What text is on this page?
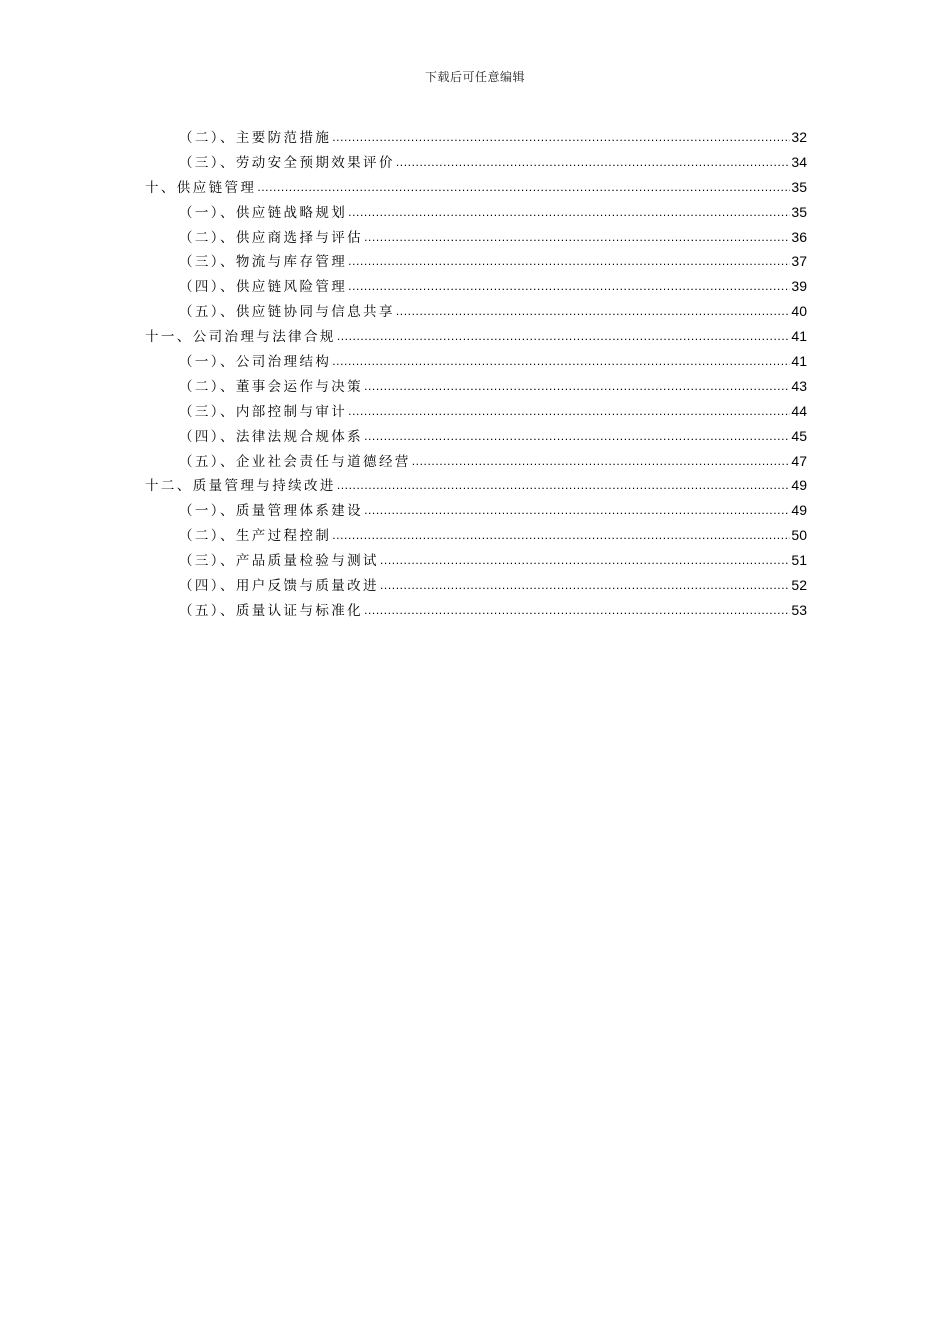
下载后可任意编辑
（二）、主要防范措施 .....	32
（三）、劳动安全预期效果评价 .....	34
十、供应链管理 .....	35
（一）、供应链战略规划 .....	35
（二）、供应商选择与评估 .....	36
（三）、物流与库存管理 .....	37
（四）、供应链风险管理 .....	39
（五）、供应链协同与信息共享 .....	40
十一、公司治理与法律合规 .....	41
（一）、公司治理结构 .....	41
（二）、董事会运作与决策 .....	43
（三）、内部控制与审计 .....	44
（四）、法律法规合规体系 .....	45
（五）、企业社会责任与道德经营 .....	47
十二、质量管理与持续改进 .....	49
（一）、质量管理体系建设 .....	49
（二）、生产过程控制 .....	50
（三）、产品质量检验与测试 .....	51
（四）、用户反馈与质量改进 .....	52
（五）、质量认证与标准化 .....	53
